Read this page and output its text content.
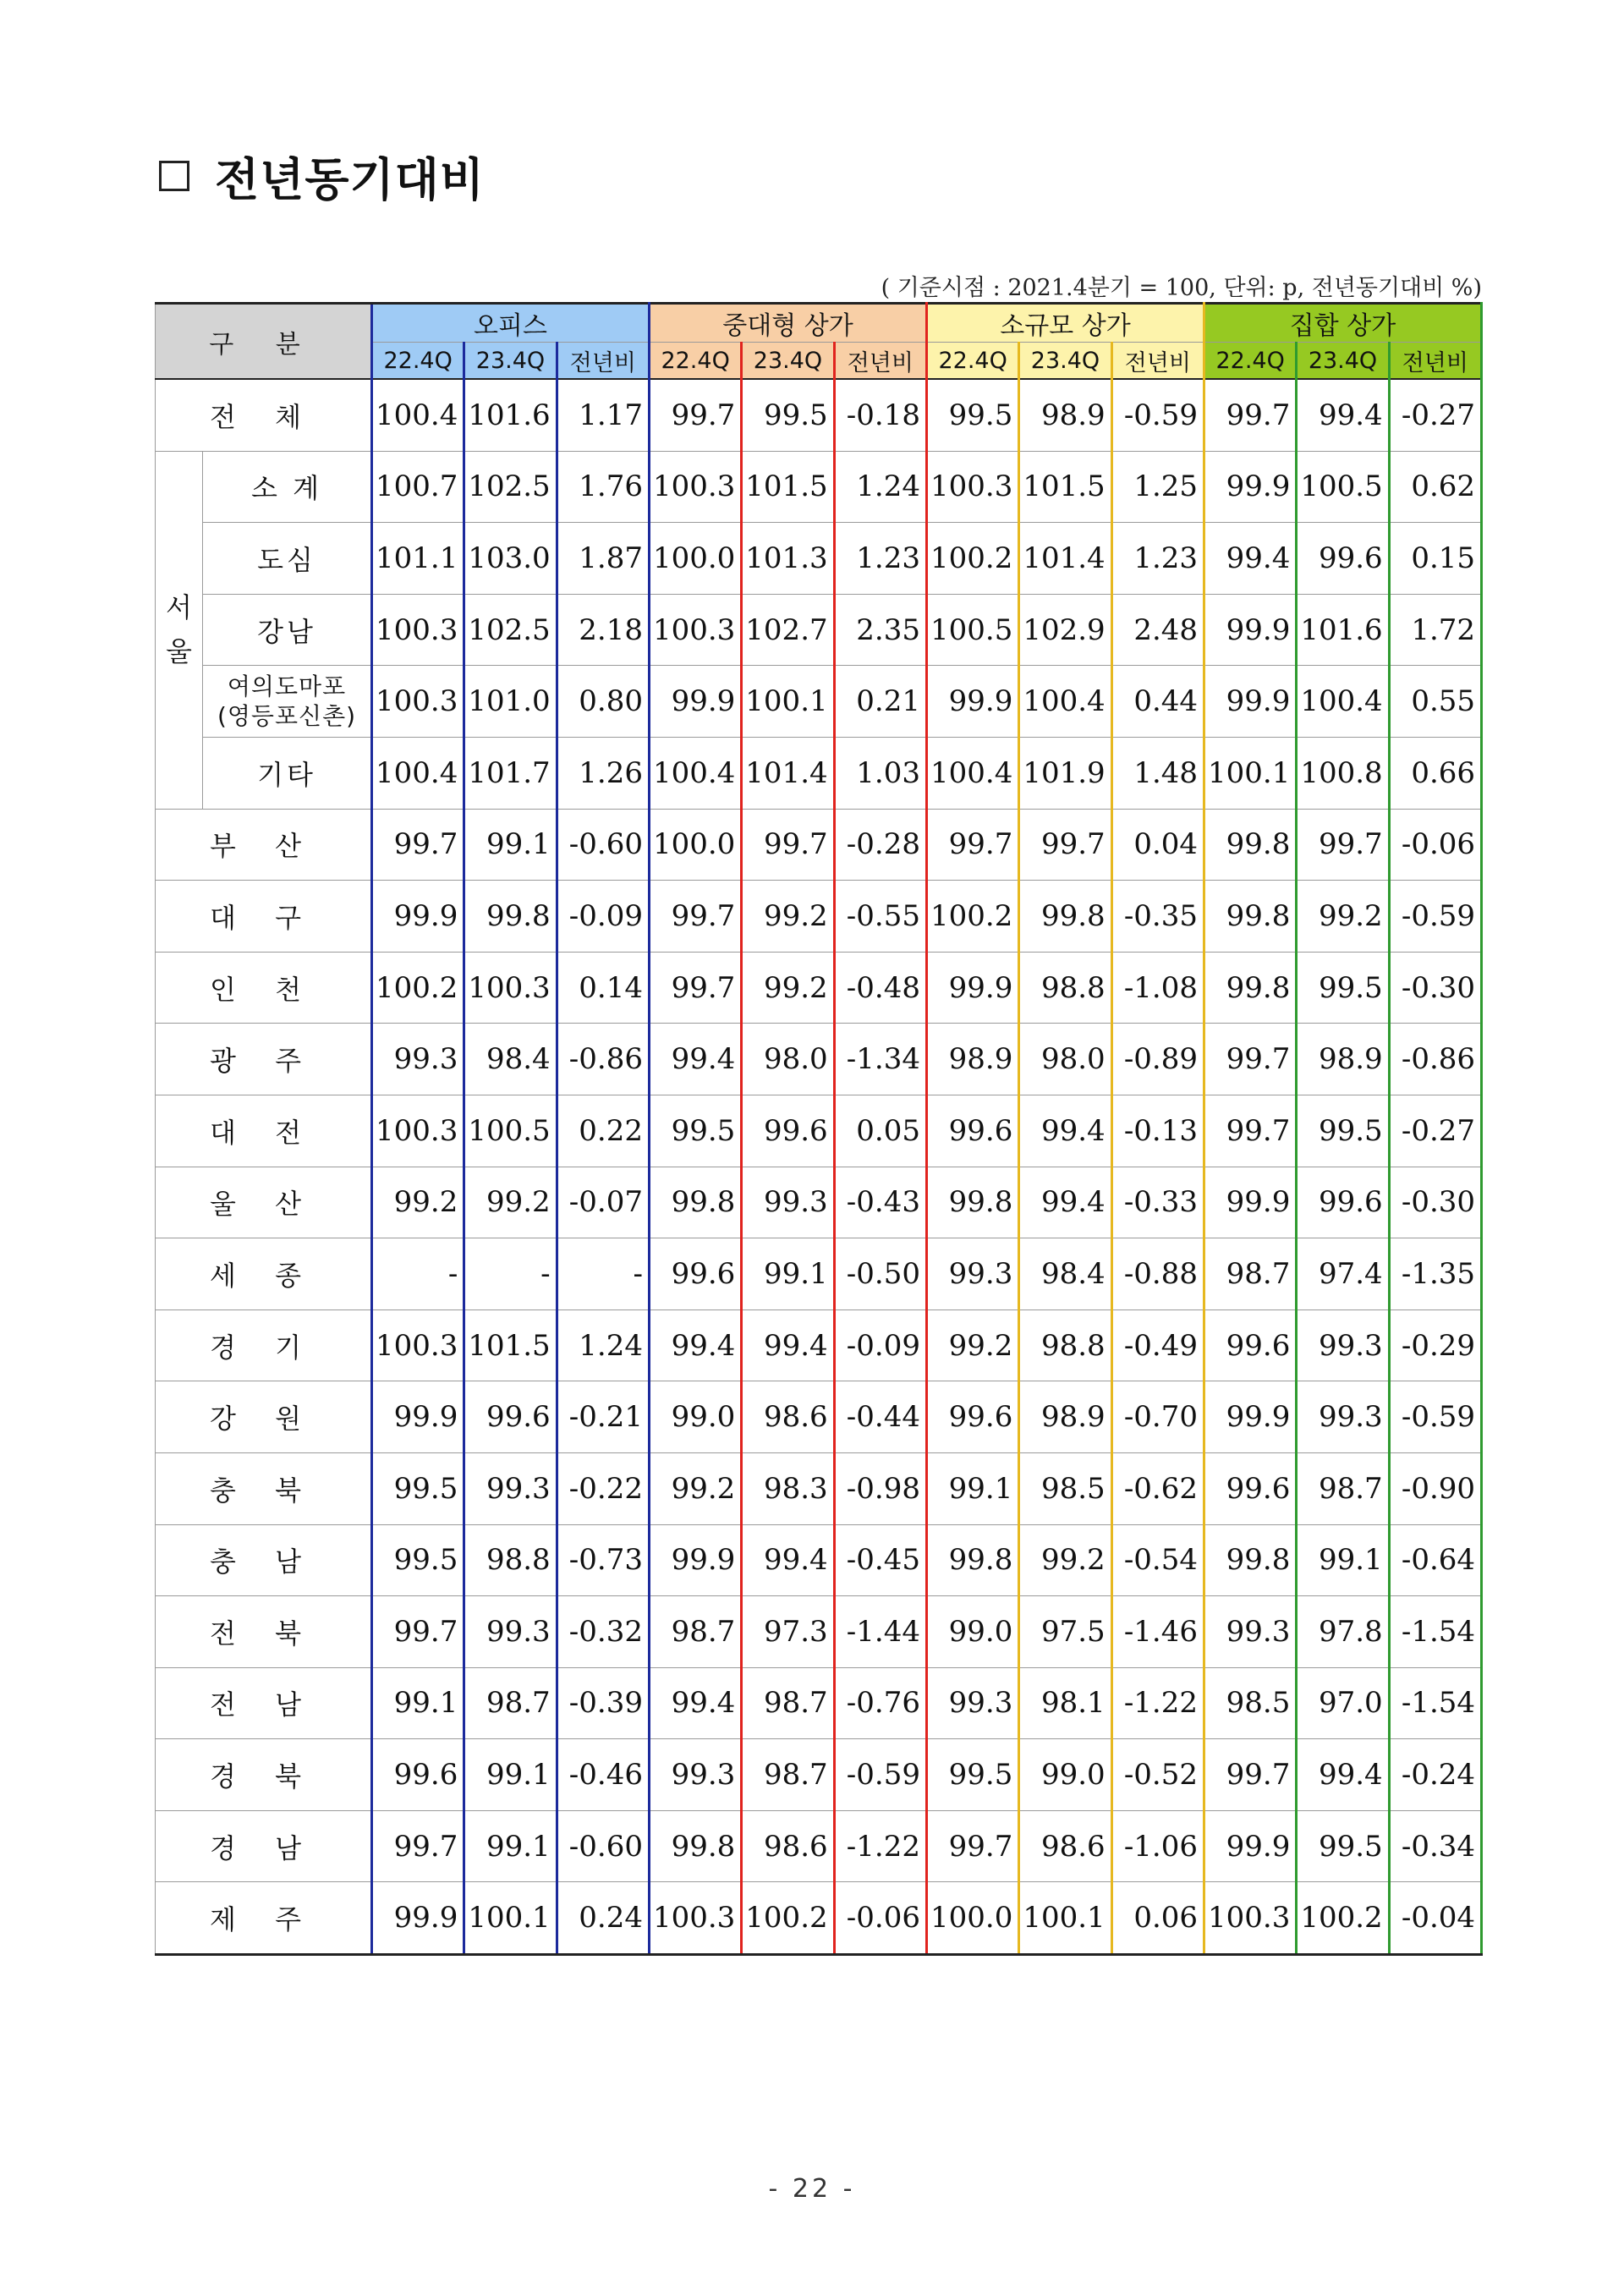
전년동기대비
( 기준시점 : 2021.4분기 = 100, 단위: p, 전년동기대비 %)
구 분		오피스			중대형 상가			소규모 상가			집합 상가		
		22.4Q	23.4Q	전년비	22.4Q	23.4Q	전년비	22.4Q	23.4Q	전년비	22.4Q	23.4Q	전년비
전 체		100.4	101.6	1.17	99.7	99.5	-0.18	99.5	98.9	-0.59	99.7	99.4	-0.27
서
울	소 계	100.7	102.5	1.76	100.3	101.5	1.24	100.3	101.5	1.25	99.9	100.5	0.62
	도심	101.1	103.0	1.87	100.0	101.3	1.23	100.2	101.4	1.23	99.4	99.6	0.15
	강남	100.3	102.5	2.18	100.3	102.7	2.35	100.5	102.9	2.48	99.9	101.6	1.72
	여의도마포
(영등포신촌)	100.3	101.0	0.80	99.9	100.1	0.21	99.9	100.4	0.44	99.9	100.4	0.55
	기타	100.4	101.7	1.26	100.4	101.4	1.03	100.4	101.9	1.48	100.1	100.8	0.66
부 산		99.7	99.1	-0.60	100.0	99.7	-0.28	99.7	99.7	0.04	99.8	99.7	-0.06
대 구		99.9	99.8	-0.09	99.7	99.2	-0.55	100.2	99.8	-0.35	99.8	99.2	-0.59
인 천		100.2	100.3	0.14	99.7	99.2	-0.48	99.9	98.8	-1.08	99.8	99.5	-0.30
광 주		99.3	98.4	-0.86	99.4	98.0	-1.34	98.9	98.0	-0.89	99.7	98.9	-0.86
대 전		100.3	100.5	0.22	99.5	99.6	0.05	99.6	99.4	-0.13	99.7	99.5	-0.27
울 산		99.2	99.2	-0.07	99.8	99.3	-0.43	99.8	99.4	-0.33	99.9	99.6	-0.30
세 종		-	-	-	99.6	99.1	-0.50	99.3	98.4	-0.88	98.7	97.4	-1.35
경 기		100.3	101.5	1.24	99.4	99.4	-0.09	99.2	98.8	-0.49	99.6	99.3	-0.29
강 원		99.9	99.6	-0.21	99.0	98.6	-0.44	99.6	98.9	-0.70	99.9	99.3	-0.59
충 북		99.5	99.3	-0.22	99.2	98.3	-0.98	99.1	98.5	-0.62	99.6	98.7	-0.90
충 남		99.5	98.8	-0.73	99.9	99.4	-0.45	99.8	99.2	-0.54	99.8	99.1	-0.64
전 북		99.7	99.3	-0.32	98.7	97.3	-1.44	99.0	97.5	-1.46	99.3	97.8	-1.54
전 남		99.1	98.7	-0.39	99.4	98.7	-0.76	99.3	98.1	-1.22	98.5	97.0	-1.54
경 북		99.6	99.1	-0.46	99.3	98.7	-0.59	99.5	99.0	-0.52	99.7	99.4	-0.24
경 남		99.7	99.1	-0.60	99.8	98.6	-1.22	99.7	98.6	-1.06	99.9	99.5	-0.34
제 주		99.9	100.1	0.24	100.3	100.2	-0.06	100.0	100.1	0.06	100.3	100.2	-0.04
- 22 -
